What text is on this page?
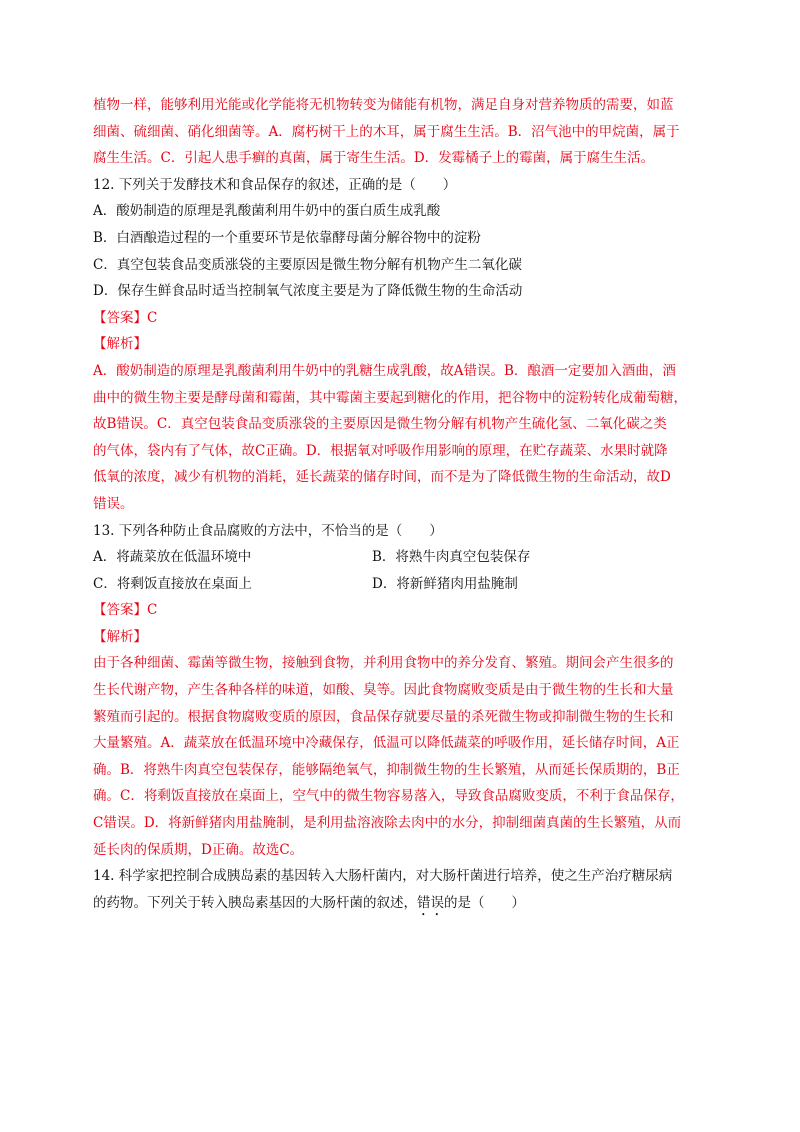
植物一样，能够利用光能或化学能将无机物转变为储能有机物，满足自身对营养物质的需要，如蓝
细菌、硫细菌、硝化细菌等。A．腐朽树干上的木耳，属于腐生生活。B．沼气池中的甲烷菌，属于
腐生生活。C．引起人患手癣的真菌，属于寄生生活。D．发霉橘子上的霉菌，属于腐生生活。
12. 下列关于发酵技术和食品保存的叙述，正确的是（　　）
A．酸奶制造的原理是乳酸菌利用牛奶中的蛋白质生成乳酸
B．白酒酿造过程的一个重要环节是依靠酵母菌分解谷物中的淀粉
C．真空包装食品变质涨袋的主要原因是微生物分解有机物产生二氧化碳
D．保存生鲜食品时适当控制氧气浓度主要是为了降低微生物的生命活动
【答案】C
【解析】
A．酸奶制造的原理是乳酸菌利用牛奶中的乳糖生成乳酸，故A错误。B．酿酒一定要加入酒曲，酒
曲中的微生物主要是酵母菌和霉菌，其中霉菌主要起到糖化的作用，把谷物中的淀粉转化成葡萄糖，
故B错误。C．真空包装食品变质涨袋的主要原因是微生物分解有机物产生硫化氢、二氧化碳之类
的气体，袋内有了气体，故C正确。D．根据氧对呼吸作用影响的原理，在贮存蔬菜、水果时就降
低氧的浓度，减少有机物的消耗，延长蔬菜的储存时间，而不是为了降低微生物的生命活动，故D
错误。
13. 下列各种防止食品腐败的方法中，不恰当的是（　　）
A．将蔬菜放在低温环境中	B．将熟牛肉真空包装保存
C．将剩饭直接放在桌面上	D．将新鲜猪肉用盐腌制
【答案】C
【解析】
由于各种细菌、霉菌等微生物，接触到食物，并利用食物中的养分发育、繁殖。期间会产生很多的
生长代谢产物，产生各种各样的味道，如酸、臭等。因此食物腐败变质是由于微生物的生长和大量
繁殖而引起的。根据食物腐败变质的原因，食品保存就要尽量的杀死微生物或抑制微生物的生长和
大量繁殖。A．蔬菜放在低温环境中冷藏保存，低温可以降低蔬菜的呼吸作用，延长储存时间，A正
确。B．将熟牛肉真空包装保存，能够隔绝氧气，抑制微生物的生长繁殖，从而延长保质期的，B正
确。C．将剩饭直接放在桌面上，空气中的微生物容易落入，导致食品腐败变质，不利于食品保存，
C错误。D．将新鲜猪肉用盐腌制，是利用盐溶液除去肉中的水分，抑制细菌真菌的生长繁殖，从而
延长肉的保质期，D正确。故选C。
14. 科学家把控制合成胰岛素的基因转入大肠杆菌内，对大肠杆菌进行培养，使之生产治疗糖尿病
的药物。下列关于转入胰岛素基因的大肠杆菌的叙述，错误的是（　　）
